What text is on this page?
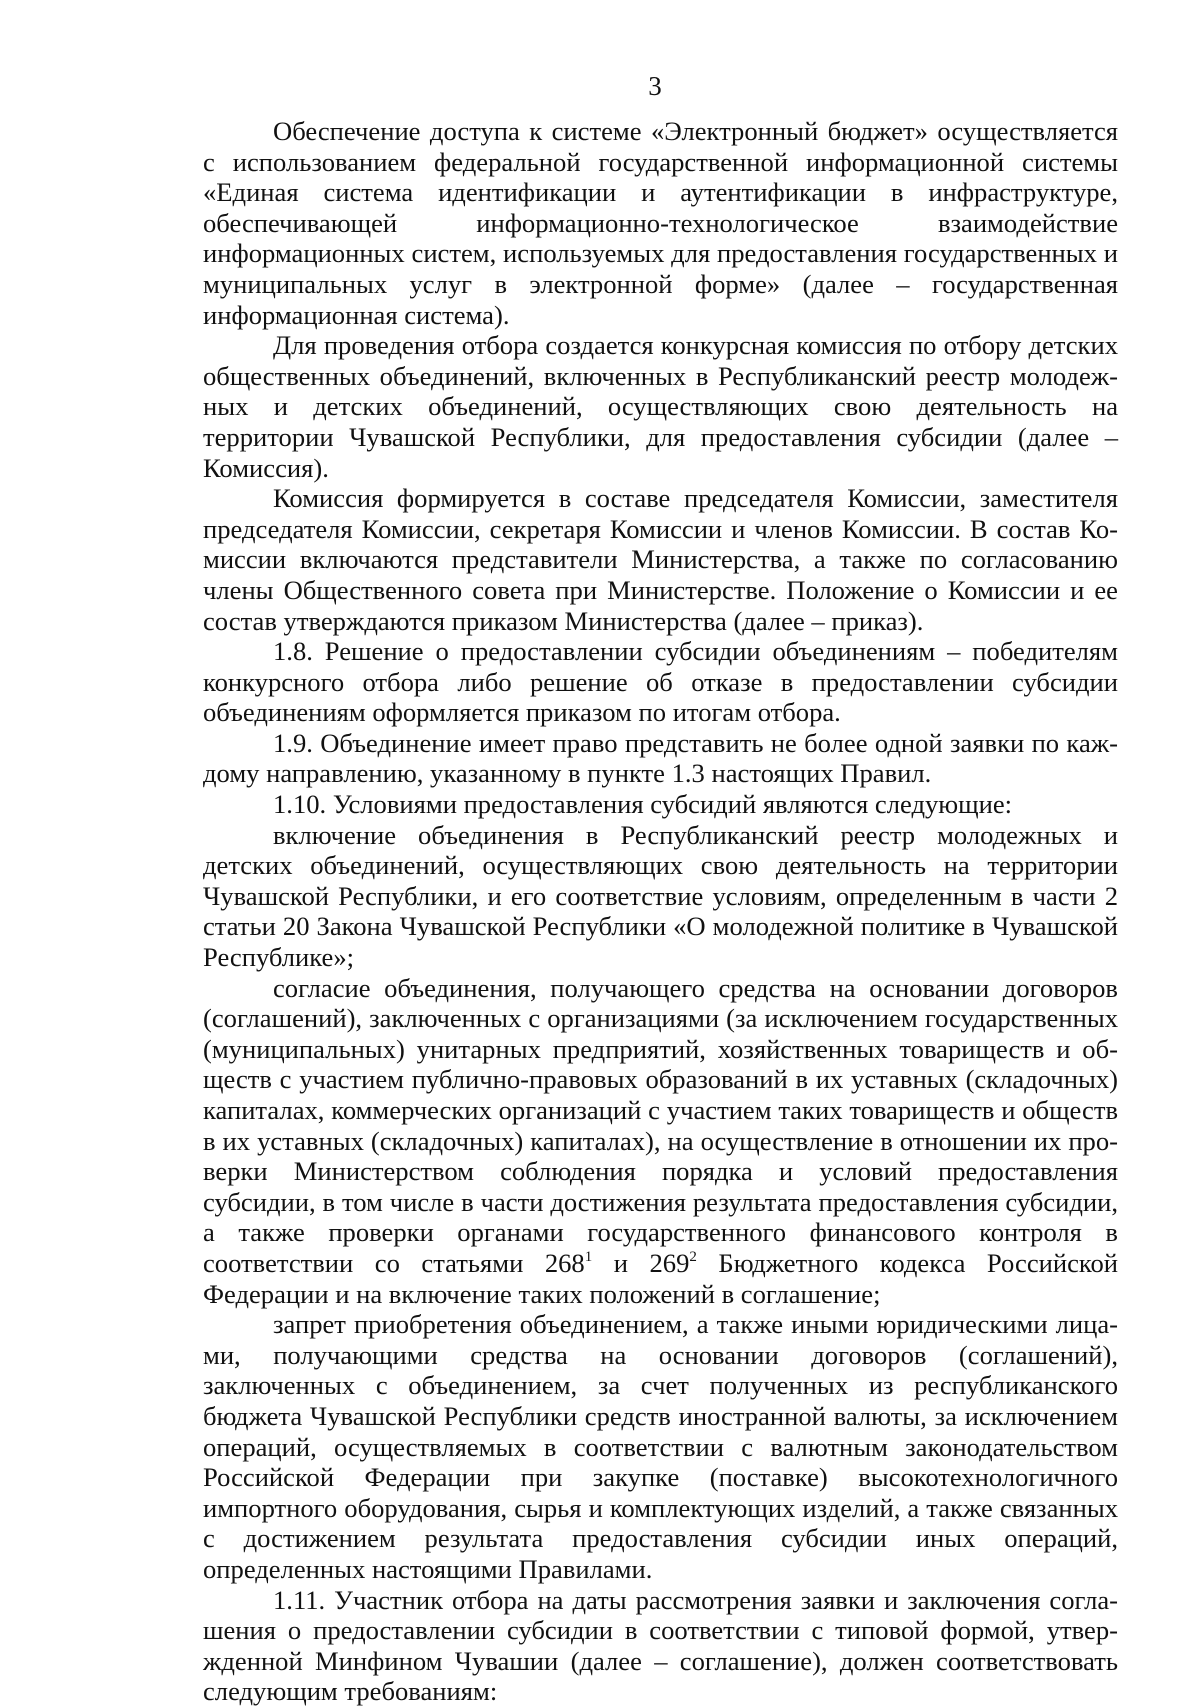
3

Обеспечение доступа к системе «Электронный бюджет» осуществляется с использованием федеральной государственной информационной системы «Единая система идентификации и аутентификации в инфраструктуре, обеспечивающей информационно-технологическое взаимодействие информационных систем, используемых для предоставления государственных и муниципальных услуг в электронной форме» (далее – государственная информационная система).

Для проведения отбора создается конкурсная комиссия по отбору детских общественных объединений, включенных в Республиканский реестр молодежных и детских объединений, осуществляющих свою деятельность на территории Чувашской Республики, для предоставления субсидии (далее – Комиссия).

Комиссия формируется в составе председателя Комиссии, заместителя председателя Комиссии, секретаря Комиссии и членов Комиссии. В состав Комиссии включаются представители Министерства, а также по согласованию члены Общественного совета при Министерстве. Положение о Комиссии и ее состав утверждаются приказом Министерства (далее – приказ).

1.8. Решение о предоставлении субсидии объединениям – победителям конкурсного отбора либо решение об отказе в предоставлении субсидии объединениям оформляется приказом по итогам отбора.

1.9. Объединение имеет право представить не более одной заявки по каждому направлению, указанному в пункте 1.3 настоящих Правил.

1.10. Условиями предоставления субсидий являются следующие:

включение объединения в Республиканский реестр молодежных и детских объединений, осуществляющих свою деятельность на территории Чувашской Республики, и его соответствие условиям, определенным в части 2 статьи 20 Закона Чувашской Республики «О молодежной политике в Чувашской Республике»;

согласие объединения, получающего средства на основании договоров (соглашений), заключенных с организациями (за исключением государственных (муниципальных) унитарных предприятий, хозяйственных товариществ и обществ с участием публично-правовых образований в их уставных (складочных) капиталах, коммерческих организаций с участием таких товариществ и обществ в их уставных (складочных) капиталах), на осуществление в отношении их проверки Министерством соблюдения порядка и условий предоставления субсидии, в том числе в части достижения результата предоставления субсидии, а также проверки органами государственного финансового контроля в соответствии со статьями $268^1$ и $269^2$ Бюджетного кодекса Российской Федерации и на включение таких положений в соглашение;

запрет приобретения объединением, а также иными юридическими лицами, получающими средства на основании договоров (соглашений), заключенных с объединением, за счет полученных из республиканского бюджета Чувашской Республики средств иностранной валюты, за исключением операций, осуществляемых в соответствии с валютным законодательством Российской Федерации при закупке (поставке) высокотехнологичного импортного оборудования, сырья и комплектующих изделий, а также связанных с достижением результата предоставления субсидии иных операций, определенных настоящими Правилами.

1.11. Участник отбора на даты рассмотрения заявки и заключения соглашения о предоставлении субсидии в соответствии с типовой формой, утвержденной Минфином Чувашии (далее – соглашение), должен соответствовать следующим требованиям:
